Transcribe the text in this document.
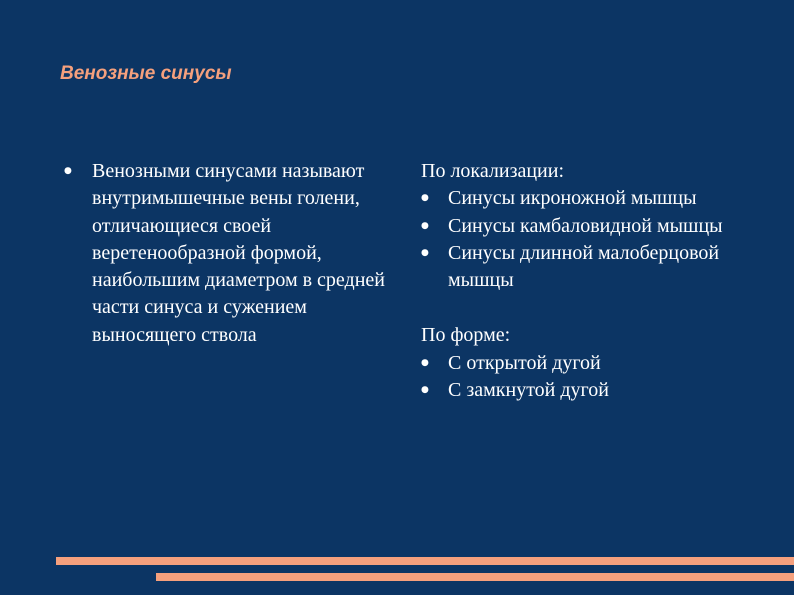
Венозные синусы
●	Венозными синусами называют внутримышечные вены голени, отличающиеся своей веретенообразной формой, наибольшим диаметром в средней части синуса и сужением выносящего ствола
По локализации:
● Синусы икроножной мышцы
● Синусы камбаловидной мышцы
● Синусы длинной малоберцовой мышцы
По форме:
● С открытой дугой
● С замкнутой дугой
